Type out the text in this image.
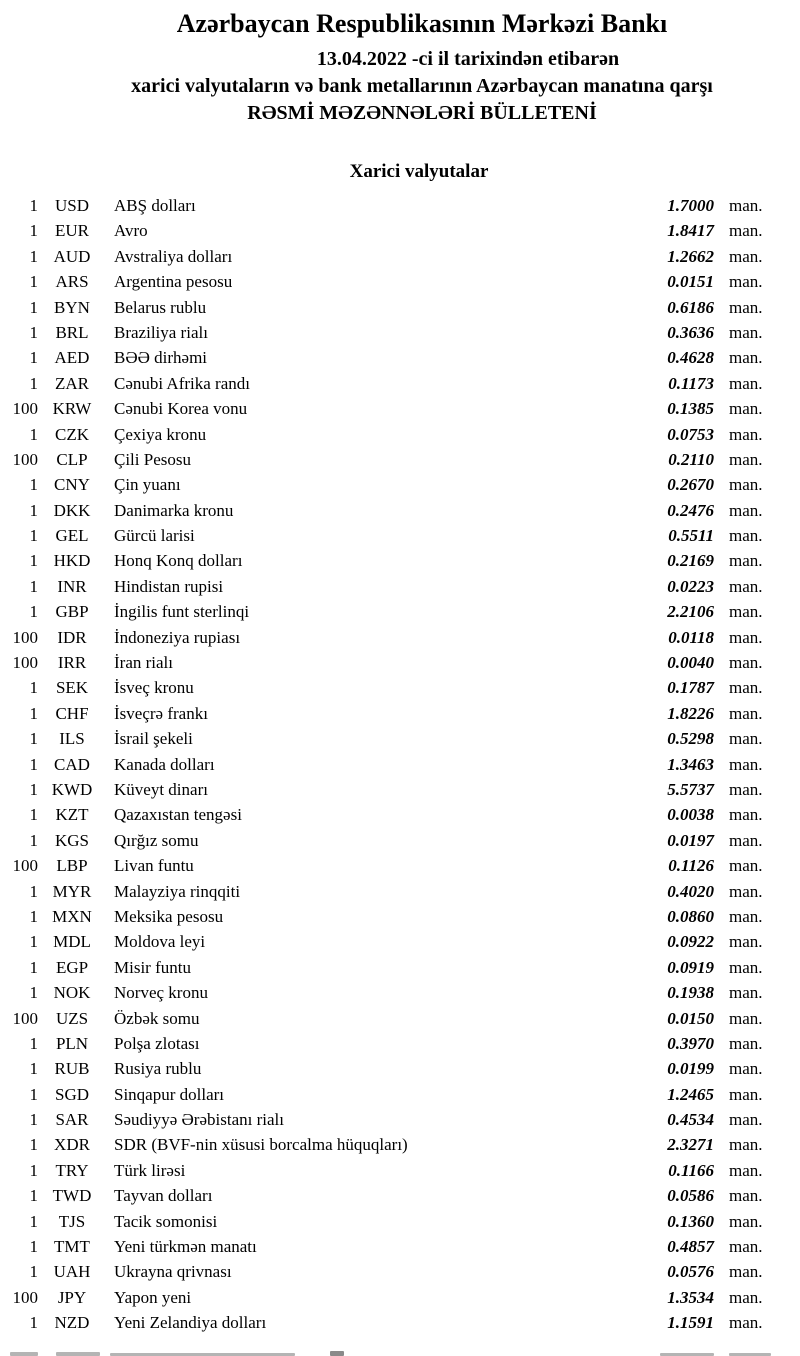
Azərbaycan Respublikasının Mərkəzi Bankı
13.04.2022 -ci il tarixindən etibarən
xarici valyutaların və bank metallarının Azərbaycan manatına qarşı
RƏSMİ MƏZƏNNƏLƏRİ BÜLLETENİ
Xarici valyutalar
1 USD	ABŞ dolları	1.7000 man.
1	EUR	Avro	1.8417 man.
1 AUD	Avstraliya dolları	1.2662 man.
1	ARS	Argentina pesosu	0.0151 man.
1 BYN	Belarus rublu	0.6186 man.
1	BRL	Braziliya rialı	0.3636 man.
1 AED	BƏƏ dirhəmi	0.4628 man.
1	ZAR	Cənubi Afrika randı	0.1173 man.
100 KRW	Cənubi Korea vonu	0.1385 man.
1	CZK	Çexiya kronu	0.0753 man.
100	CLP	Çili Pesosu	0.2110 man.
1 CNY	Çin yuanı	0.2670 man.
1 DKK	Danimarka kronu	0.2476 man.
1	GEL	Gürcü larisi	0.5511 man.
1 HKD	Honq Konq dolları	0.2169 man.
1	INR	Hindistan rupisi	0.0223 man.
1	GBP	İngilis funt sterlinqi	2.2106 man.
100	IDR	İndoneziya rupiası	0.0118 man.
100	IRR	İran rialı	0.0040 man.
1	SEK	İsveç kronu	0.1787 man.
1	CHF	İsveçrə frankı	1.8226 man.
1	ILS	İsrail şekeli	0.5298 man.
1 CAD	Kanada dolları	1.3463 man.
1 KWD	Küveyt dinarı	5.5737 man.
1	KZT	Qazaxıstan tengəsi	0.0038 man.
1 KGS	Qırğız somu	0.0197 man.
100	LBP	Livan funtu	0.1126 man.
1 MYR	Malayziya rinqqiti	0.4020 man.
1 MXN	Meksika pesosu	0.0860 man.
1 MDL	Moldova leyi	0.0922 man.
1	EGP	Misir funtu	0.0919 man.
1 NOK	Norveç kronu	0.1938 man.
100	UZS	Özbək somu	0.0150 man.
1	PLN	Polşa zlotası	0.3970 man.
1 RUB	Rusiya rublu	0.0199 man.
1 SGD	Sinqapur dolları	1.2465 man.
1	SAR	Səudiyyə Ərəbistanı rialı	0.4534 man.
1 XDR	SDR (BVF-nin xüsusi borcalma hüquqları)	2.3271 man.
1	TRY	Türk lirəsi	0.1166 man.
1 TWD	Tayvan dolları	0.0586 man.
1	TJS	Tacik somonisi	0.1360 man.
1 TMT	Yeni türkmən manatı	0.4857 man.
1 UAH	Ukrayna qrivnası	0.0576 man.
100	JPY	Yapon yeni	1.3534 man.
1 NZD	Yeni Zelandiya dolları	1.1591 man.
